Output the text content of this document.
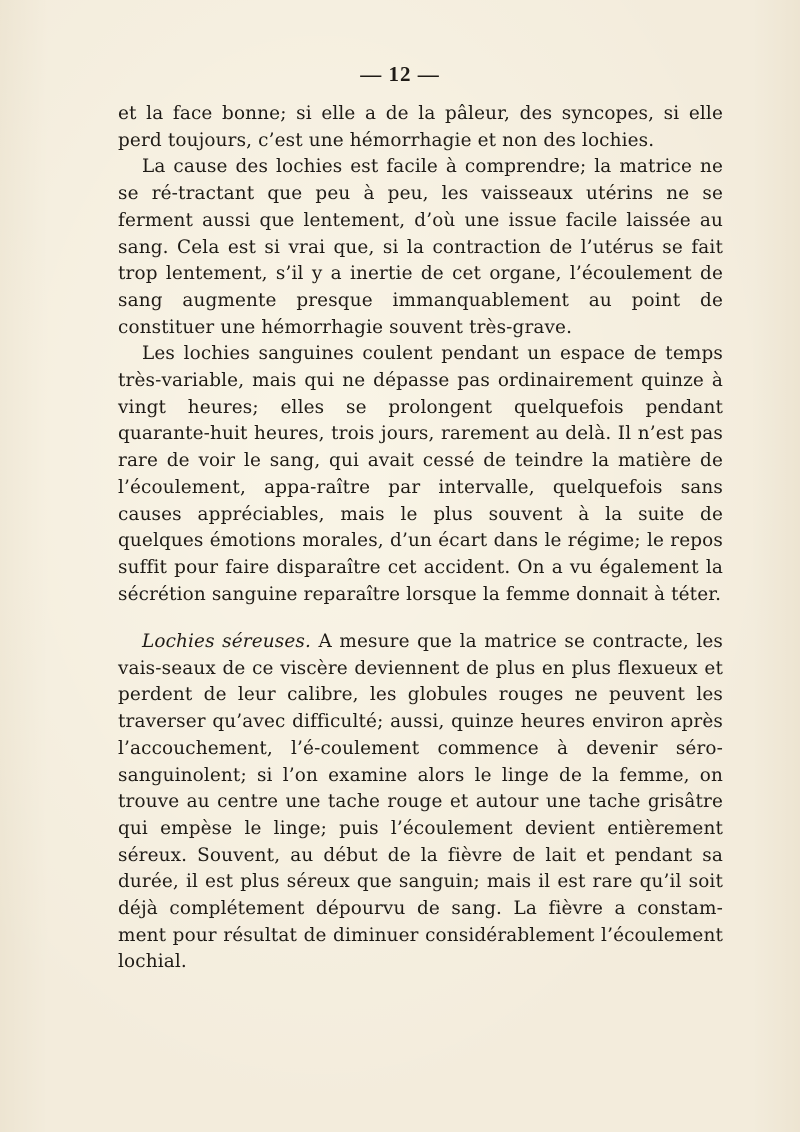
— 12 —

et la face bonne; si elle a de la pâleur, des syncopes, si elle perd toujours, c’est une hémorrhagie et non des lochies.

La cause des lochies est facile à comprendre; la matrice ne se ré-tractant que peu à peu, les vaisseaux utérins ne se ferment aussi que lentement, d’où une issue facile laissée au sang. Cela est si vrai que, si la contraction de l’utérus se fait trop lentement, s’il y a inertie de cet organe, l’écoulement de sang augmente presque immanquablement au point de constituer une hémorrhagie souvent très-grave.

Les lochies sanguines coulent pendant un espace de temps très-variable, mais qui ne dépasse pas ordinairement quinze à vingt heures; elles se prolongent quelquefois pendant quarante-huit heures, trois jours, rarement au delà. Il n’est pas rare de voir le sang, qui avait cessé de teindre la matière de l’écoulement, appa-raître par intervalle, quelquefois sans causes appréciables, mais le plus souvent à la suite de quelques émotions morales, d’un écart dans le régime; le repos suffit pour faire disparaître cet accident. On a vu également la sécrétion sanguine reparaître lorsque la femme donnait à téter.

Lochies séreuses. A mesure que la matrice se contracte, les vais-seaux de ce viscère deviennent de plus en plus flexueux et perdent de leur calibre, les globules rouges ne peuvent les traverser qu’avec difficulté; aussi, quinze heures environ après l’accouchement, l’é-coulement commence à devenir séro-sanguinolent; si l’on examine alors le linge de la femme, on trouve au centre une tache rouge et autour une tache grisâtre qui empèse le linge; puis l’écoulement devient entièrement séreux. Souvent, au début de la fièvre de lait et pendant sa durée, il est plus séreux que sanguin; mais il est rare qu’il soit déjà complétement dépourvu de sang. La fièvre a constam-ment pour résultat de diminuer considérablement l’écoulement lochial.
